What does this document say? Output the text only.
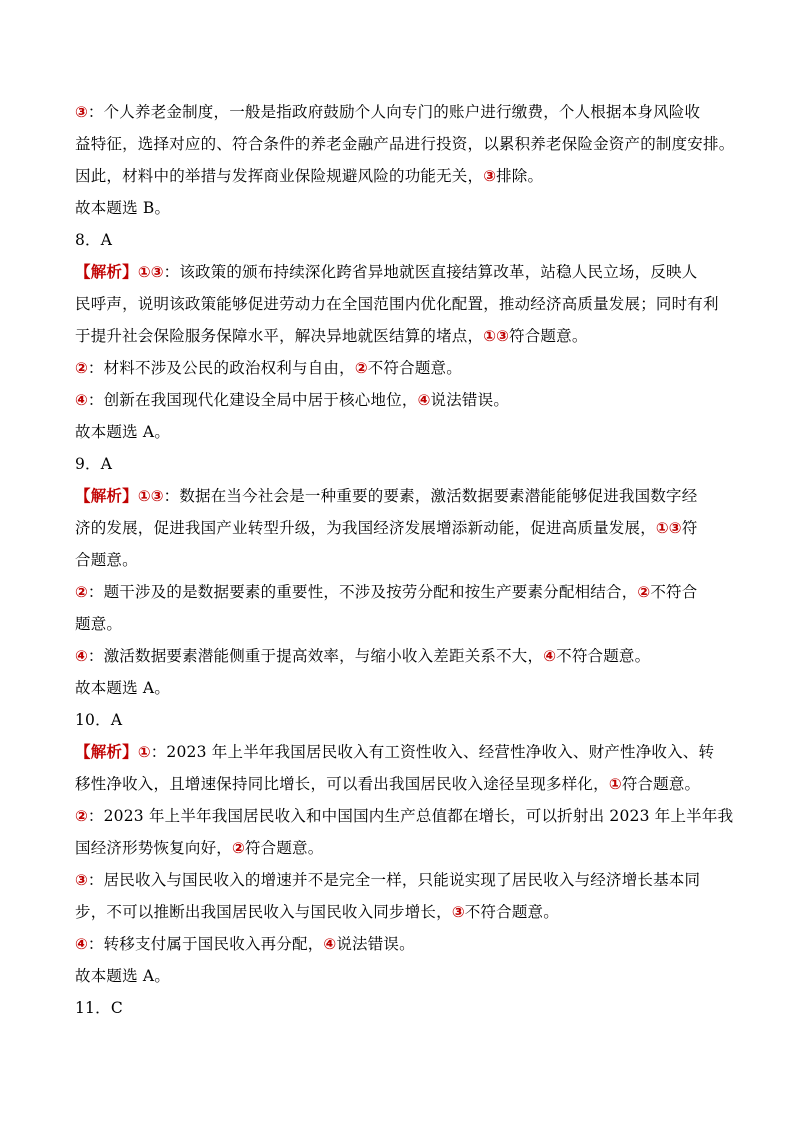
③：个人养老金制度，一般是指政府鼓励个人向专门的账户进行缴费，个人根据本身风险收
益特征，选择对应的、符合条件的养老金融产品进行投资，以累积养老保险金资产的制度安排。
因此，材料中的举措与发挥商业保险规避风险的功能无关，③排除。
故本题选 B。
8．A
【解析】①③：该政策的颁布持续深化跨省异地就医直接结算改革，站稳人民立场，反映人
民呼声，说明该政策能够促进劳动力在全国范围内优化配置，推动经济高质量发展；同时有利
于提升社会保险服务保障水平，解决异地就医结算的堵点，①③符合题意。
②：材料不涉及公民的政治权利与自由，②不符合题意。
④：创新在我国现代化建设全局中居于核心地位，④说法错误。
故本题选 A。
9．A
【解析】①③：数据在当今社会是一种重要的要素，激活数据要素潜能能够促进我国数字经
济的发展，促进我国产业转型升级，为我国经济发展增添新动能，促进高质量发展，①③符
合题意。
②：题干涉及的是数据要素的重要性，不涉及按劳分配和按生产要素分配相结合，②不符合
题意。
④：激活数据要素潜能侧重于提高效率，与缩小收入差距关系不大，④不符合题意。
故本题选 A。
10．A
【解析】①：2023 年上半年我国居民收入有工资性收入、经营性净收入、财产性净收入、转
移性净收入，且增速保持同比增长，可以看出我国居民收入途径呈现多样化，①符合题意。
②：2023 年上半年我国居民收入和中国国内生产总值都在增长，可以折射出 2023 年上半年我
国经济形势恢复向好，②符合题意。
③：居民收入与国民收入的增速并不是完全一样，只能说实现了居民收入与经济增长基本同
步，不可以推断出我国居民收入与国民收入同步增长，③不符合题意。
④：转移支付属于国民收入再分配，④说法错误。
故本题选 A。
11．C
